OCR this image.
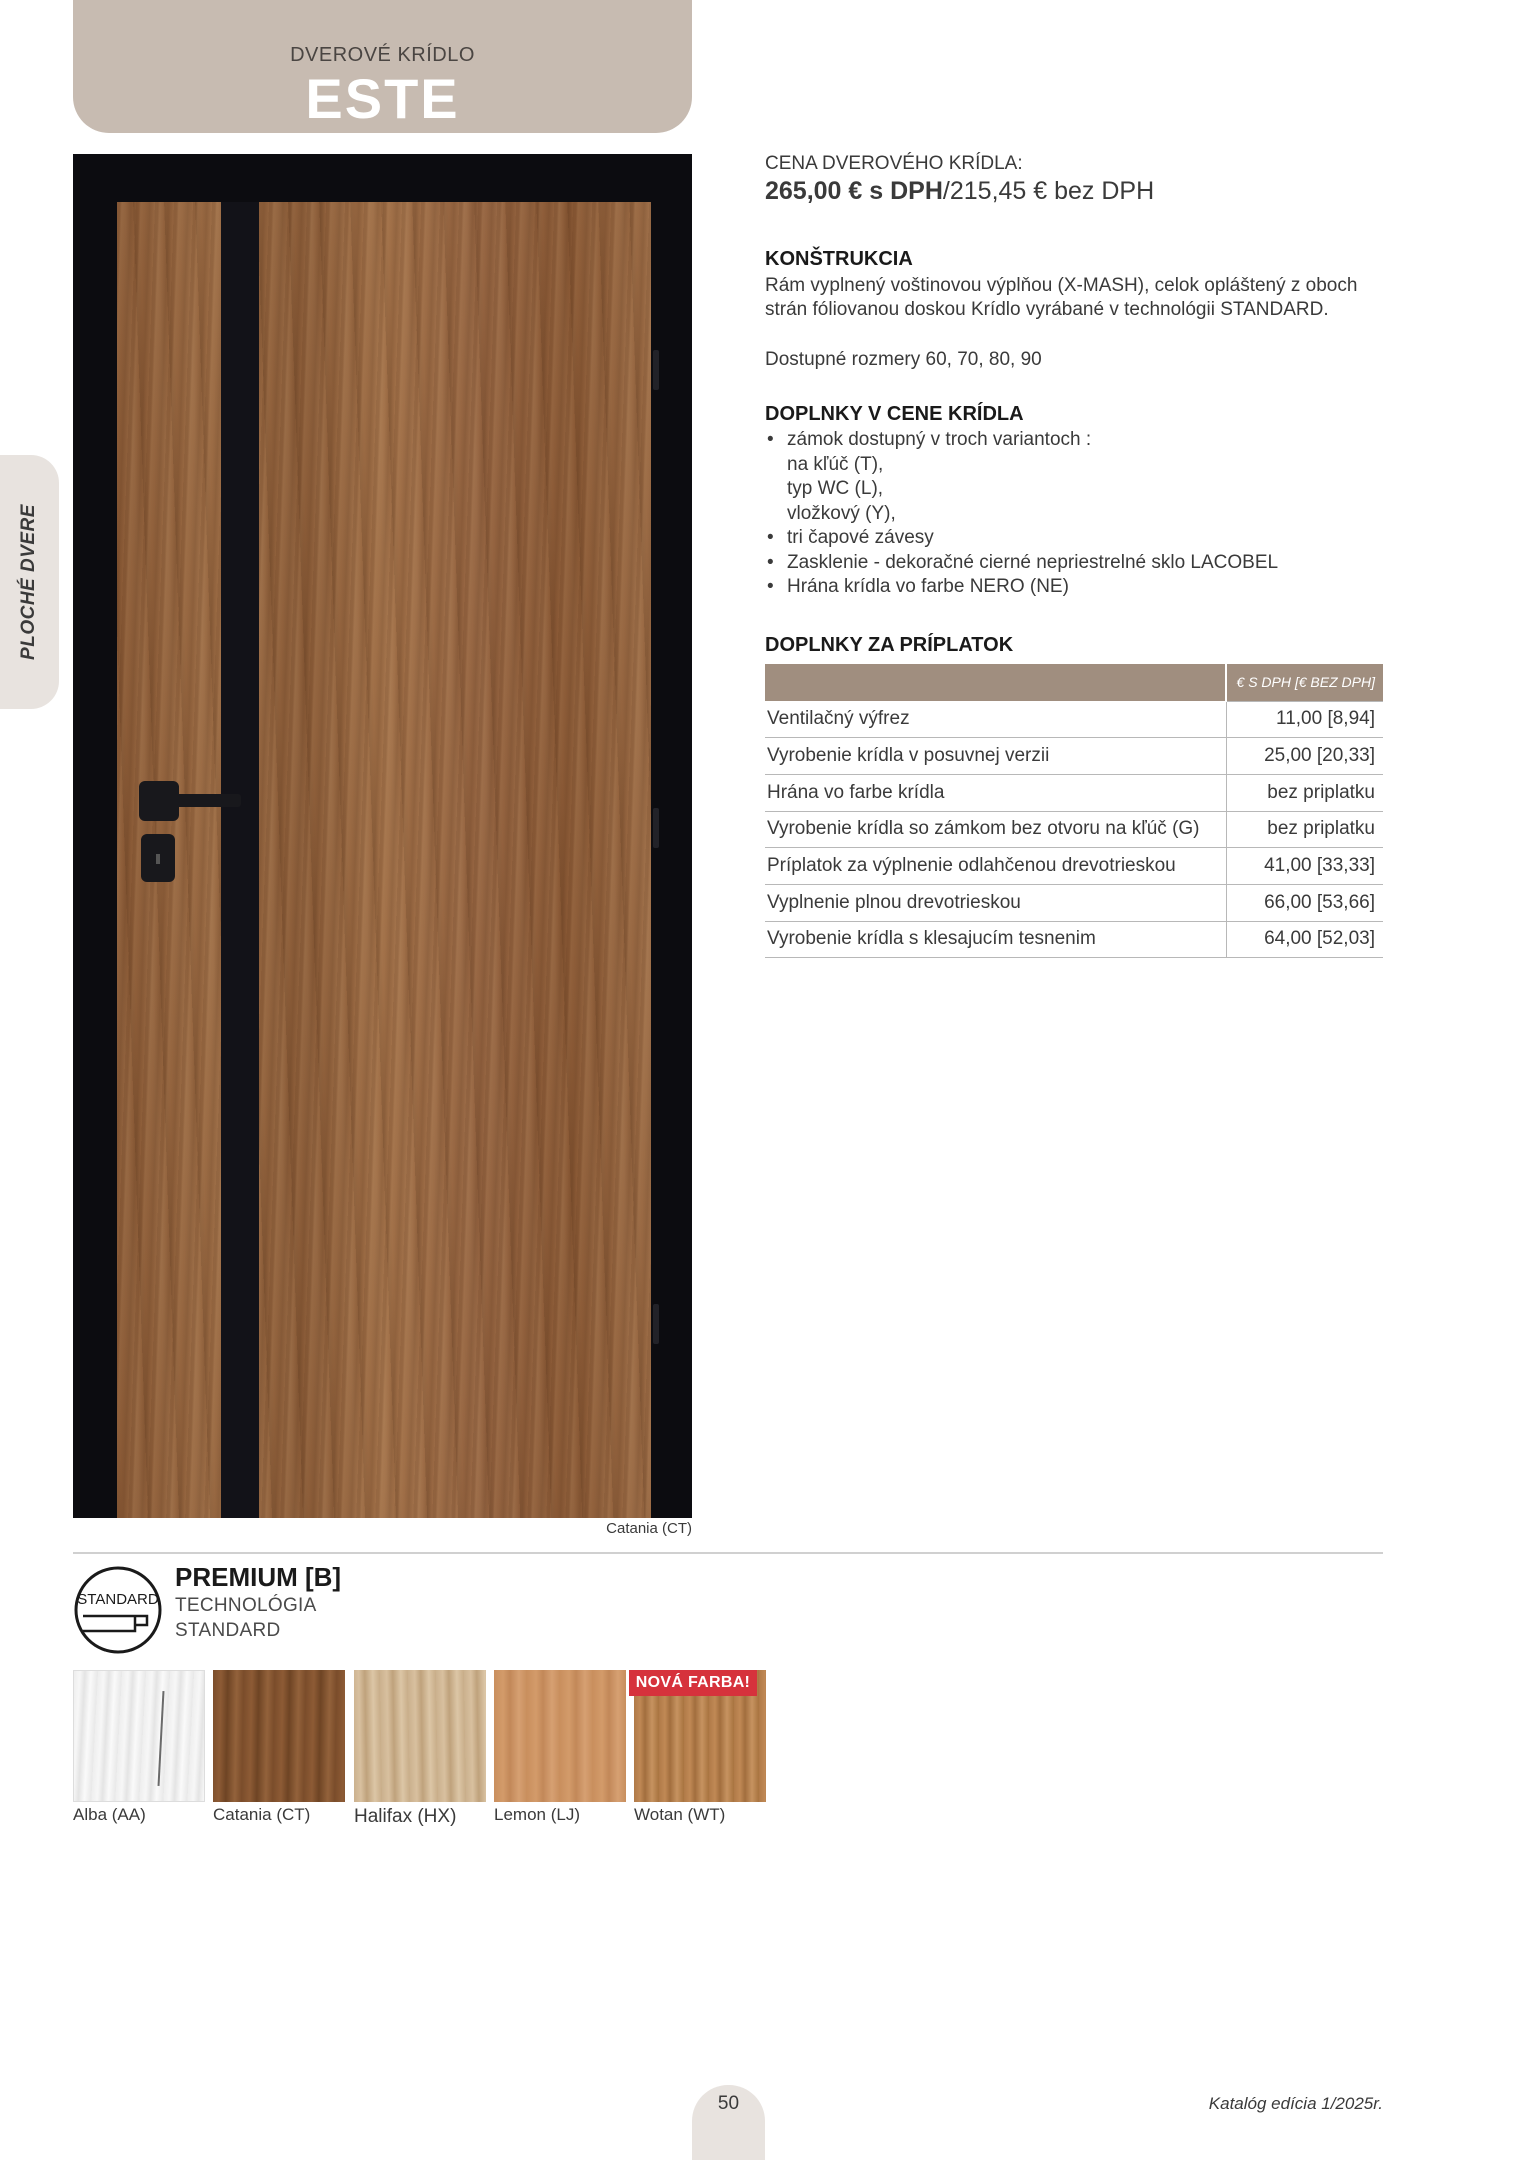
DVEROVÉ KRÍDLO
ESTE
PLOCHÉ DVERE
Catania (CT)
CENA DVEROVÉHO KRÍDLA:
265,00 € s DPH/215,45 € bez DPH
KONŠTRUKCIA
Rám vyplnený voštinovou výplňou (X-MASH), celok opláštený z oboch strán fóliovanou doskou Krídlo vyrábané v technológii STANDARD.
Dostupné rozmery 60, 70, 80, 90
DOPLNKY V CENE KRÍDLA
• zámok dostupný v troch variantoch :
na kľúč (T),
typ WC (L),
vložkový (Y),
• tri čapové závesy
• Zasklenie - dekoračné cierné nepriestrelné sklo LACOBEL
• Hrána krídla vo farbe NERO (NE)
DOPLNKY ZA PRÍPLATOK
	€ S DPH [€ BEZ DPH]
Ventilačný výfrez	11,00 [8,94]
Vyrobenie krídla v posuvnej verzii	25,00 [20,33]
Hrána vo farbe krídla	bez priplatku
Vyrobenie krídla so zámkom bez otvoru na kľúč (G)	bez priplatku
Príplatok za výplnenie odlahčenou drevotrieskou	41,00 [33,33]
Vyplnenie plnou drevotrieskou	66,00 [53,66]
Vyrobenie krídla s klesajucím tesnenim	64,00 [52,03]
STANDARD
PREMIUM [B]
TECHNOLÓGIA
STANDARD
NOVÁ FARBA!
Alba (AA)	Catania (CT) Halifax (HX) Lemon (LJ)	Wotan (WT)
50	Katalóg edícia 1/2025r.
